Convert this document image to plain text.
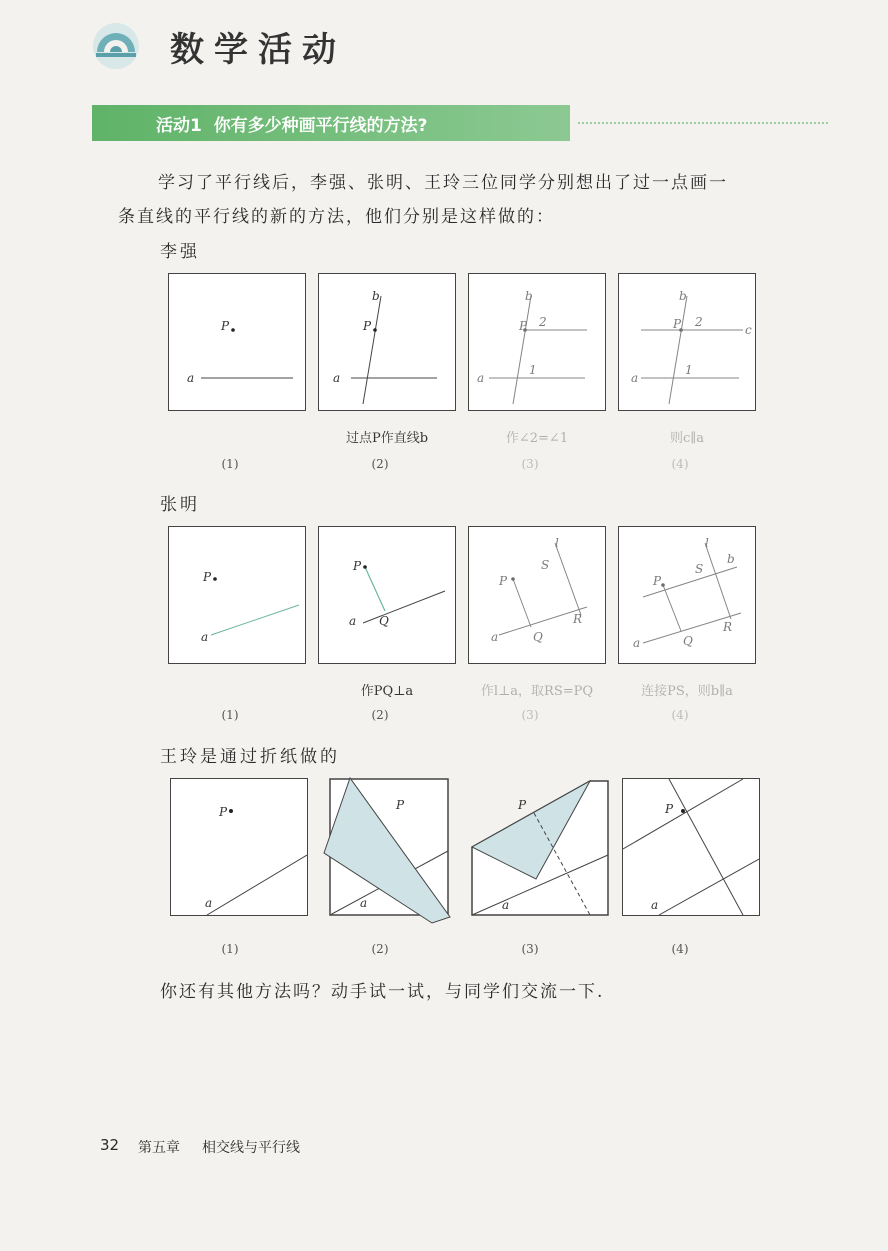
数学活动
活动1 你有多少种画平行线的方法?
学习了平行线后，李强、张明、王玲三位同学分别想出了过一点画一
条直线的平行线的新的方法，他们分别是这样做的：
李强
P
a
P
b
a
P
b
a
2
1
P
b
c
a
2
1
过点P作直线b	作∠2=∠1	则c∥a
(1)	(2)	(3)	(4)
张明
P
a
P
Q
a
P
Q
R
S
l
a
P
Q
R
S
l
b
a
作PQ⊥a	作l⊥a，取RS=PQ	连接PS，则b∥a
(1)	(2)	(3)	(4)
王玲是通过折纸做的
P
a
P
a
P
a
P
a
(1)	(2)	(3)	(4)
你还有其他方法吗？动手试一试，与同学们交流一下.
32 第五章 相交线与平行线
